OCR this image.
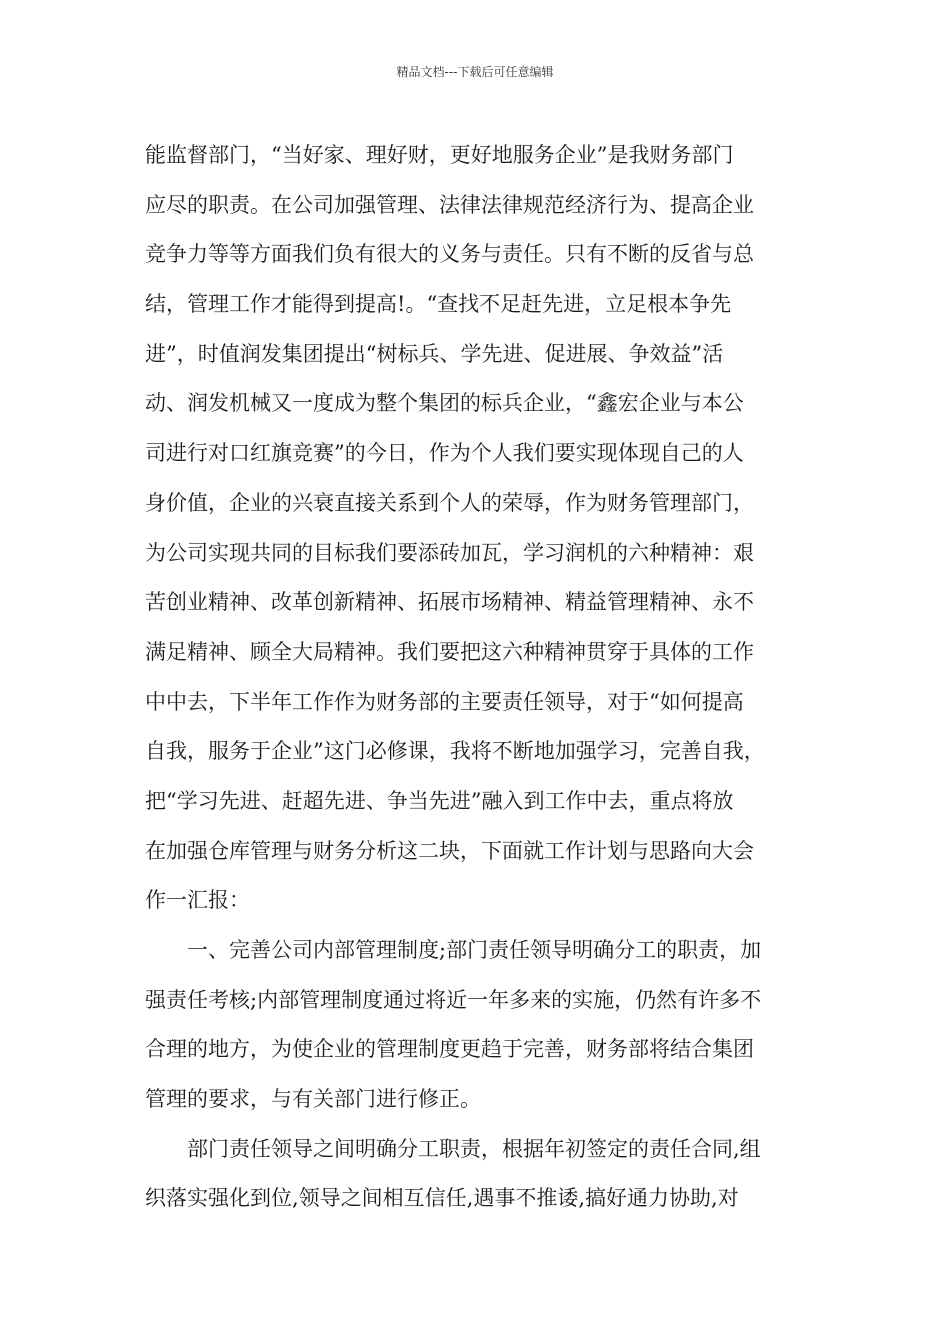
精品文档---下载后可任意编辑
能监督部门，“当好家、理好财，更好地服务企业”是我财务部门
应尽的职责。在公司加强管理、法律法律规范经济行为、提高企业
竞争力等等方面我们负有很大的义务与责任。只有不断的反省与总
结，管理工作才能得到提高!。“查找不足赶先进，立足根本争先
进”，时值润发集团提出“树标兵、学先进、促进展、争效益”活
动、润发机械又一度成为整个集团的标兵企业，“鑫宏企业与本公
司进行对口红旗竞赛”的今日，作为个人我们要实现体现自己的人
身价值，企业的兴衰直接关系到个人的荣辱，作为财务管理部门，
为公司实现共同的目标我们要添砖加瓦，学习润机的六种精神：艰
苦创业精神、改革创新精神、拓展市场精神、精益管理精神、永不
满足精神、顾全大局精神。我们要把这六种精神贯穿于具体的工作
中中去，下半年工作作为财务部的主要责任领导，对于“如何提高
自我，服务于企业”这门必修课，我将不断地加强学习，完善自我，
把“学习先进、赶超先进、争当先进”融入到工作中去，重点将放
在加强仓库管理与财务分析这二块，下面就工作计划与思路向大会
作一汇报：
一、完善公司内部管理制度;部门责任领导明确分工的职责，加
强责任考核;内部管理制度通过将近一年多来的实施，仍然有许多不
合理的地方，为使企业的管理制度更趋于完善，财务部将结合集团
管理的要求，与有关部门进行修正。
部门责任领导之间明确分工职责，根据年初签定的责任合同,组
织落实强化到位,领导之间相互信任,遇事不推诿,搞好通力协助,对
